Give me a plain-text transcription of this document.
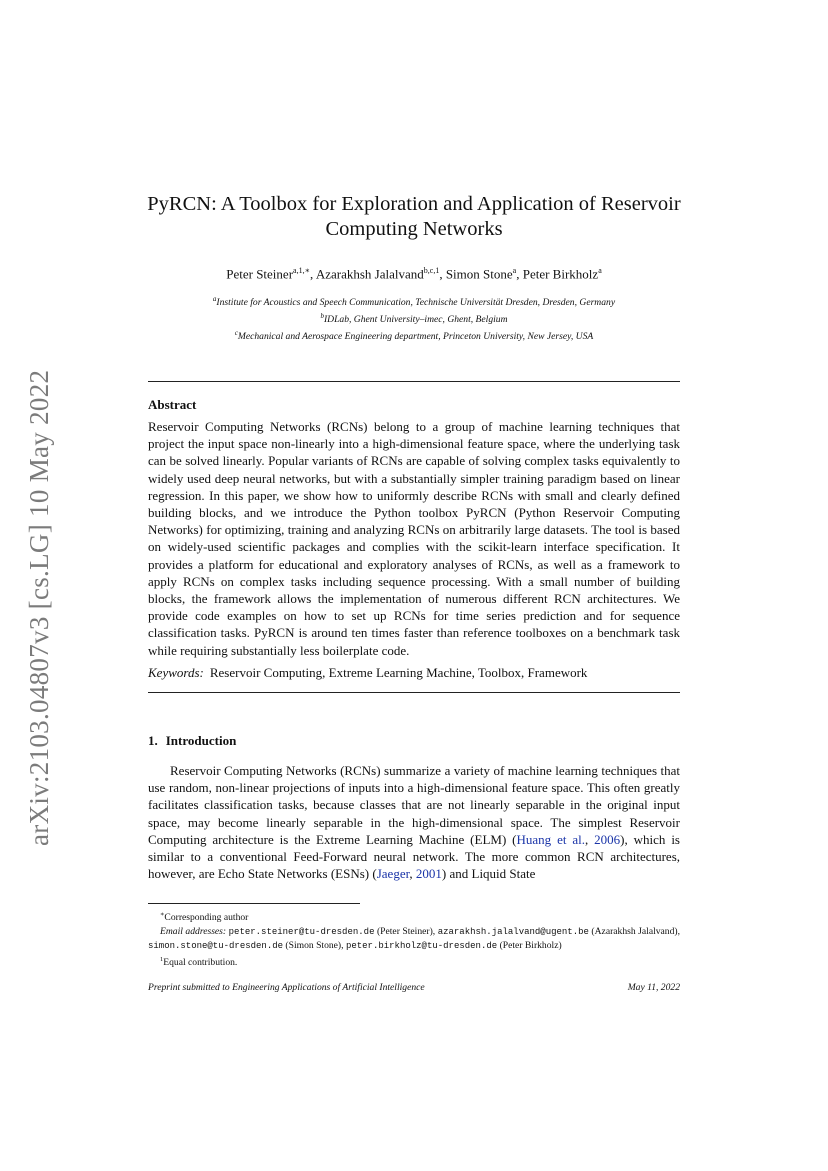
arXiv:2103.04807v3 [cs.LG] 10 May 2022
PyRCN: A Toolbox for Exploration and Application of Reservoir Computing Networks
Peter Steiner$^{a,1,∗}$, Azarakhsh Jalalvand$^{b,c,1}$, Simon Stone$^a$, Peter Birkholz$^a$
$^a$Institute for Acoustics and Speech Communication, Technische Universität Dresden, Dresden, Germany
$^b$IDLab, Ghent University–imec, Ghent, Belgium
$^c$Mechanical and Aerospace Engineering department, Princeton University, New Jersey, USA
Abstract
Reservoir Computing Networks (RCNs) belong to a group of machine learning techniques that project the input space non-linearly into a high-dimensional feature space, where the underlying task can be solved linearly. Popular variants of RCNs are capable of solving complex tasks equivalently to widely used deep neural networks, but with a substantially simpler training paradigm based on linear regression. In this paper, we show how to uniformly describe RCNs with small and clearly defined building blocks, and we introduce the Python toolbox PyRCN (Python Reservoir Computing Networks) for optimizing, training and analyzing RCNs on arbitrarily large datasets. The tool is based on widely-used scientific packages and complies with the scikit-learn interface specification. It provides a platform for educational and exploratory analyses of RCNs, as well as a framework to apply RCNs on complex tasks including sequence processing. With a small number of building blocks, the framework allows the implementation of numerous different RCN architectures. We provide code examples on how to set up RCNs for time series prediction and for sequence classification tasks. PyRCN is around ten times faster than reference toolboxes on a benchmark task while requiring substantially less boilerplate code.
Keywords: Reservoir Computing, Extreme Learning Machine, Toolbox, Framework
1. Introduction
Reservoir Computing Networks (RCNs) summarize a variety of machine learning techniques that use random, non-linear projections of inputs into a high-dimensional feature space. This often greatly facilitates classification tasks, because classes that are not linearly separable in the original input space, may become linearly separable in the high-dimensional space. The simplest Reservoir Computing architecture is the Extreme Learning Machine (ELM) (Huang et al., 2006), which is similar to a conventional Feed-Forward neural network. The more common RCN architectures, however, are Echo State Networks (ESNs) (Jaeger, 2001) and Liquid State

∗Corresponding author

Email addresses: peter.steiner@tu-dresden.de (Peter Steiner), azarakhsh.jalalvand@ugent.be (Azarakhsh Jalalvand), simon.stone@tu-dresden.de (Simon Stone), peter.birkholz@tu-dresden.de (Peter Birkholz)

$^1$Equal contribution.

Preprint submitted to Engineering Applications of Artificial Intelligence	May 11, 2022
